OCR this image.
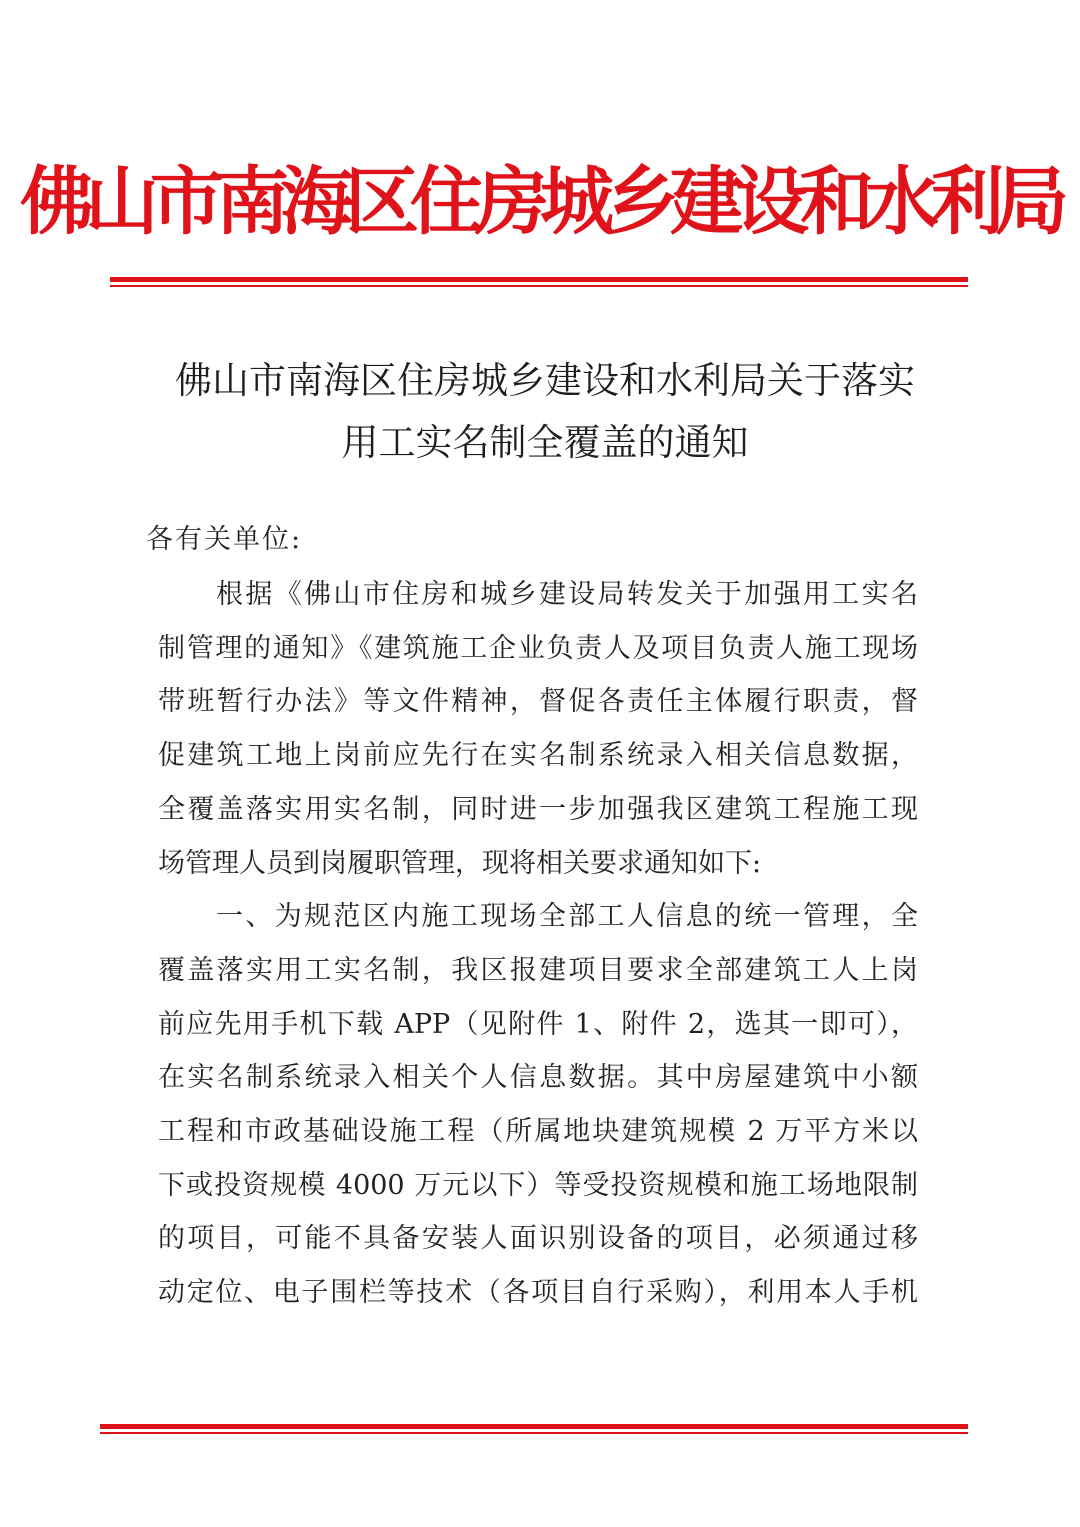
佛山市南海区住房城乡建设和水利局
佛山市南海区住房城乡建设和水利局关于落实
用工实名制全覆盖的通知
各有关单位:
根据《佛山市住房和城乡建设局转发关于加强用工实名
制管理的通知》《建筑施工企业负责人及项目负责人施工现场
带班暂行办法》等文件精神，督促各责任主体履行职责，督
促建筑工地上岗前应先行在实名制系统录入相关信息数据，
全覆盖落实用实名制，同时进一步加强我区建筑工程施工现
场管理人员到岗履职管理，现将相关要求通知如下:
一、为规范区内施工现场全部工人信息的统一管理，全
覆盖落实用工实名制，我区报建项目要求全部建筑工人上岗
前应先用手机下载 APP（见附件 1、附件 2，选其一即可），
在实名制系统录入相关个人信息数据。其中房屋建筑中小额
工程和市政基础设施工程（所属地块建筑规模 2 万平方米以
下或投资规模 4000 万元以下）等受投资规模和施工场地限制
的项目，可能不具备安装人面识别设备的项目，必须通过移
动定位、电子围栏等技术（各项目自行采购），利用本人手机
